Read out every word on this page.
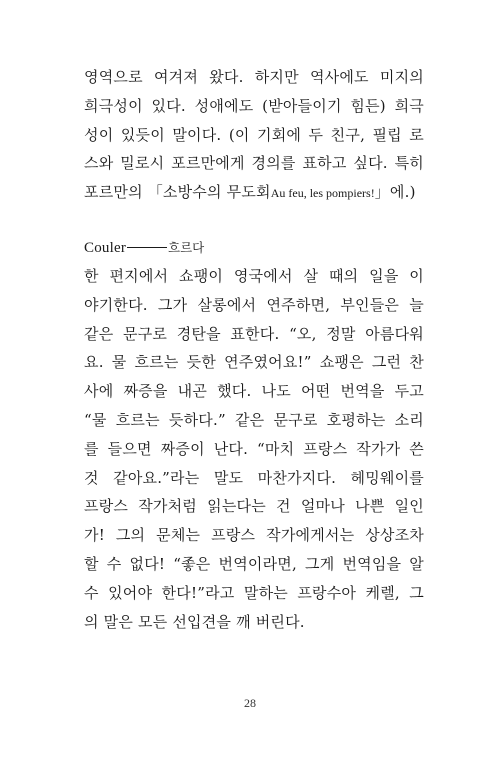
영역으로 여겨져 왔다. 하지만 역사에도 미지의
희극성이 있다. 성애에도 (받아들이기 힘든) 희극
성이 있듯이 말이다. (이 기회에 두 친구, 필립 로
스와 밀로시 포르만에게 경의를 표하고 싶다. 특히
포르만의 「소방수의 무도회Au feu, les pompiers!」에.)
Couler	흐르다
한 편지에서 쇼팽이 영국에서 살 때의 일을 이
야기한다. 그가 살롱에서 연주하면, 부인들은 늘
같은 문구로 경탄을 표한다. “오, 정말 아름다워
요. 물 흐르는 듯한 연주였어요!” 쇼팽은 그런 찬
사에 짜증을 내곤 했다. 나도 어떤 번역을 두고
“물 흐르는 듯하다.” 같은 문구로 호평하는 소리
를 들으면 짜증이 난다. “마치 프랑스 작가가 쓴
것 같아요.”라는 말도 마찬가지다. 헤밍웨이를
프랑스 작가처럼 읽는다는 건 얼마나 나쁜 일인
가! 그의 문체는 프랑스 작가에게서는 상상조차
할 수 없다! “좋은 번역이라면, 그게 번역임을 알
수 있어야 한다!”라고 말하는 프랑수아 케렐, 그
의 말은 모든 선입견을 깨 버린다.
28
